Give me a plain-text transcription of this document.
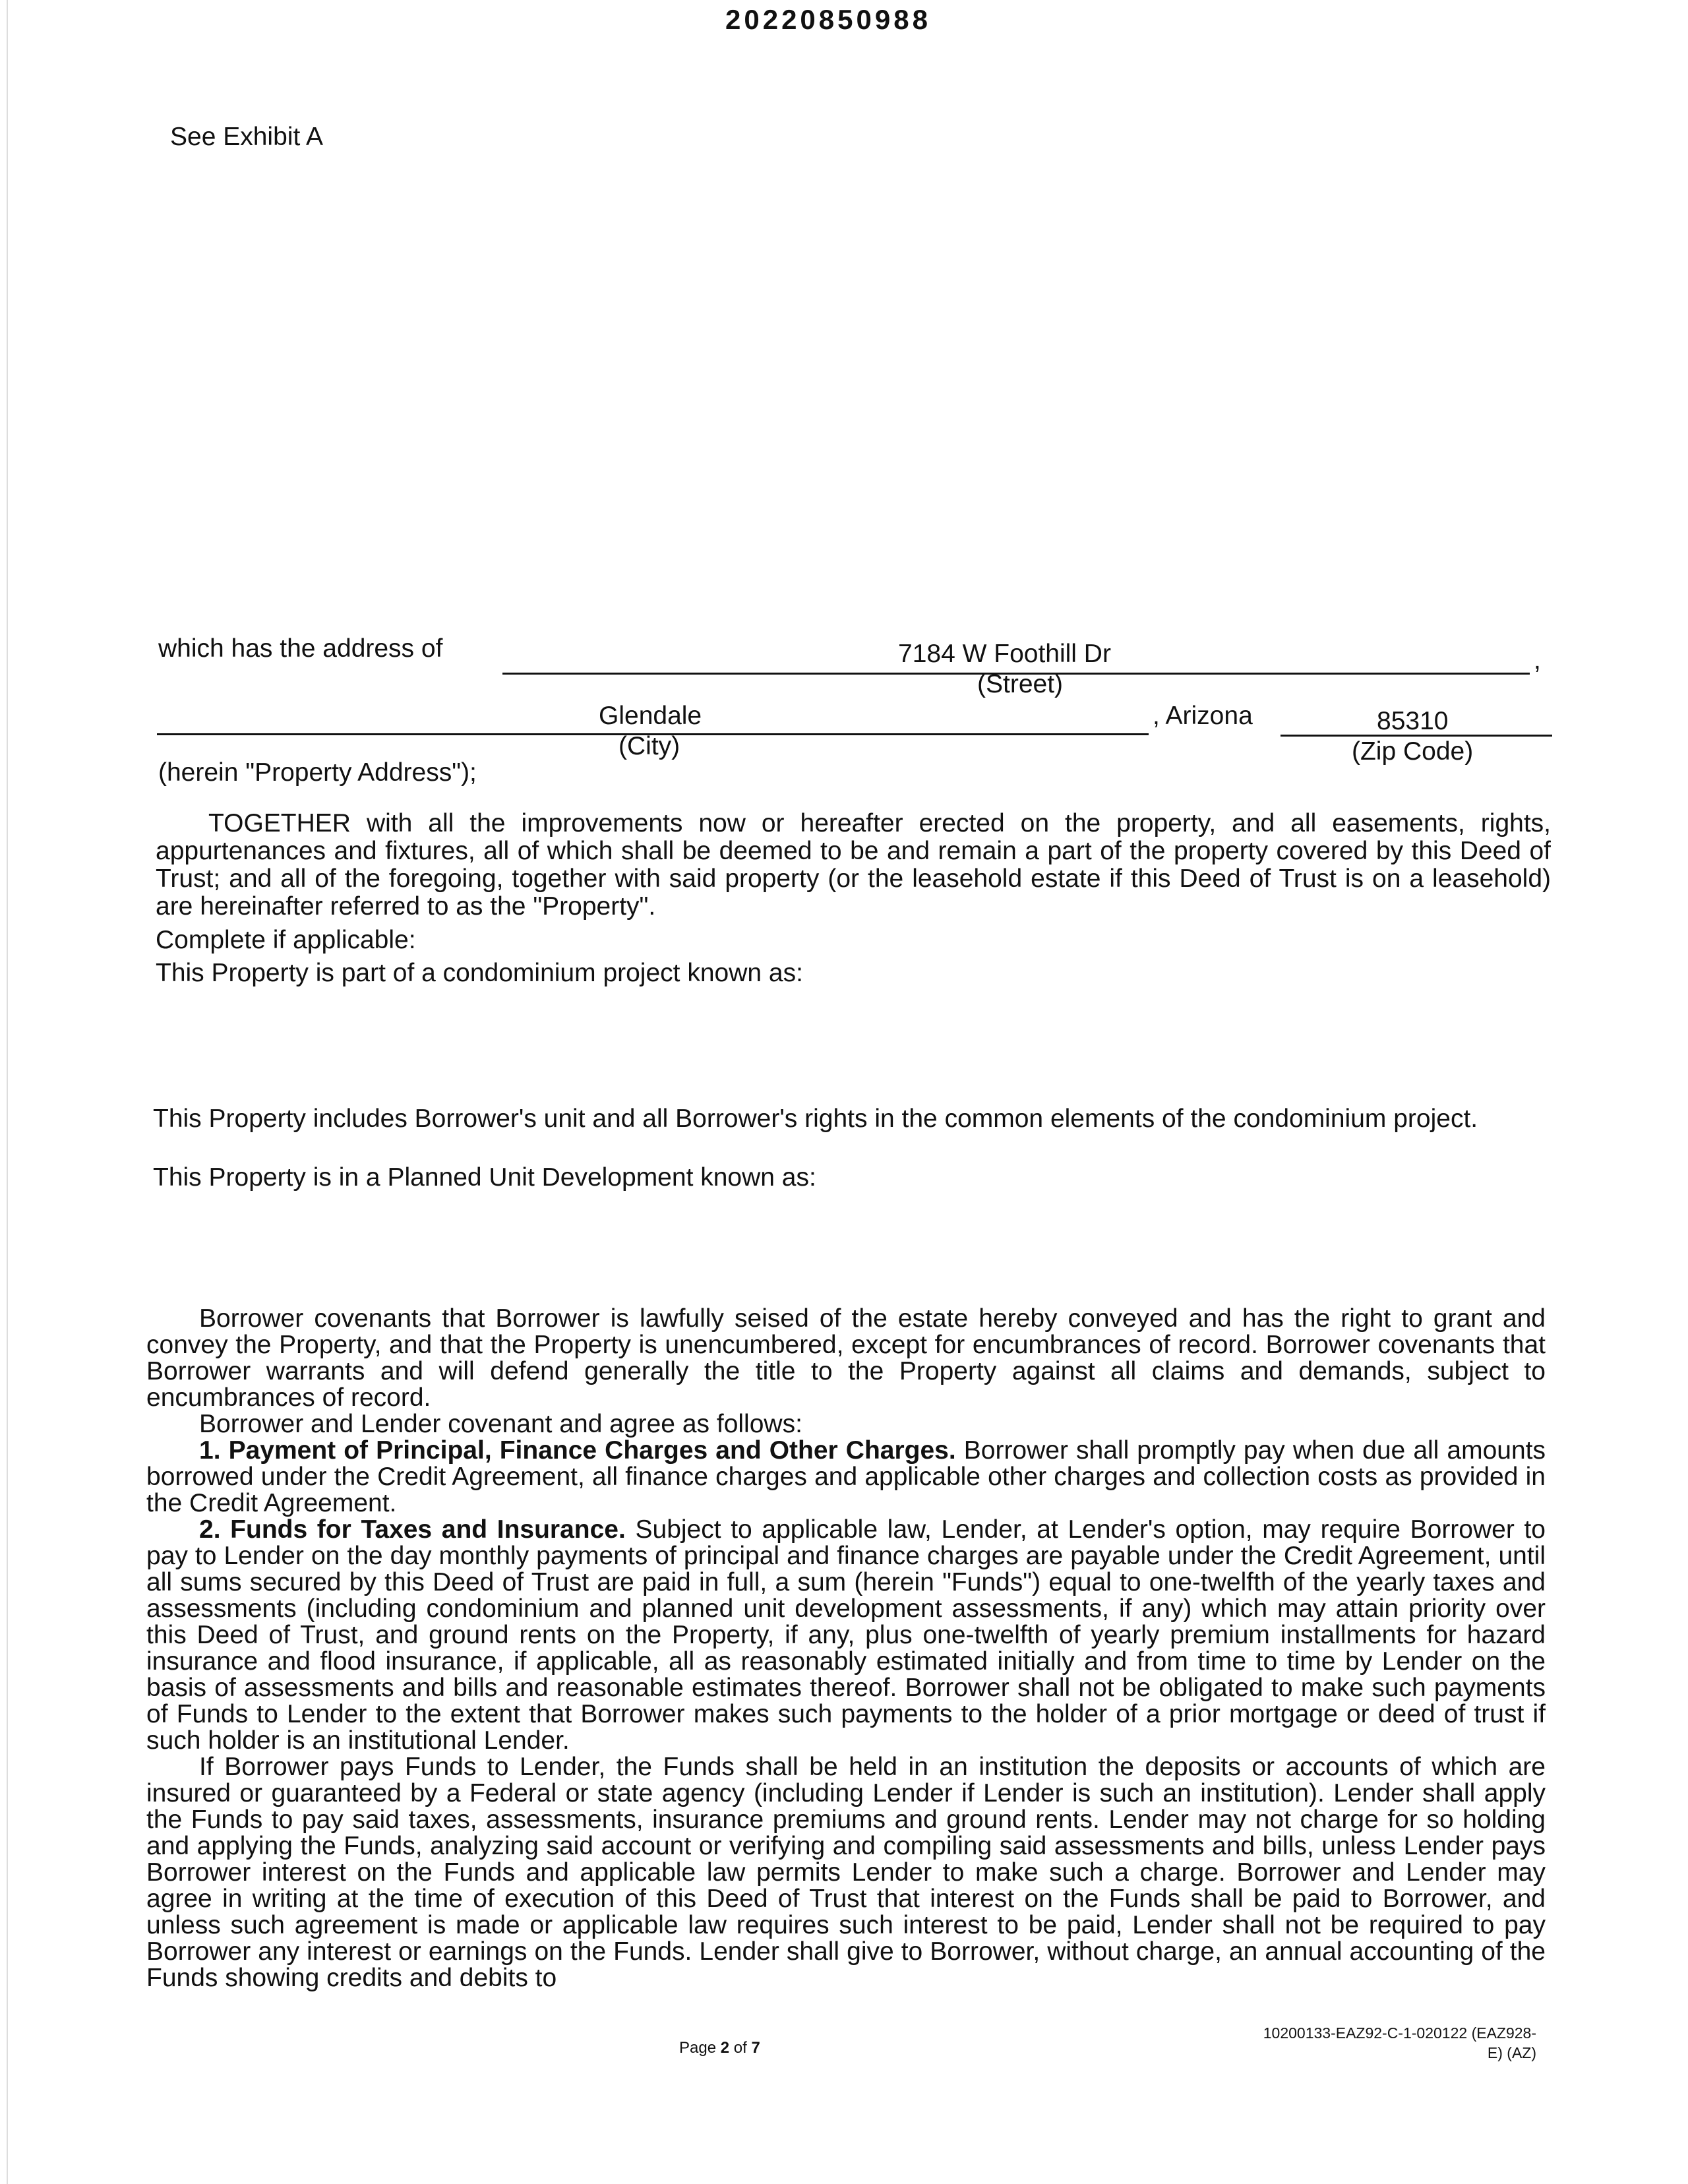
20220850988
See Exhibit A
which has the address of	7184 W Foothill Dr	,
(Street)
Glendale	, Arizona	85310
(City)	(Zip Code)
(herein "Property Address");

TOGETHER with all the improvements now or hereafter erected on the property, and all easements, rights, appurtenances and fixtures, all of which shall be deemed to be and remain a part of the property covered by this Deed of Trust; and all of the foregoing, together with said property (or the leasehold estate if this Deed of Trust is on a leasehold) are hereinafter referred to as the "Property".

Complete if applicable:
This Property is part of a condominium project known as:

This Property includes Borrower's unit and all Borrower's rights in the common elements of the condominium project.

This Property is in a Planned Unit Development known as:

Borrower covenants that Borrower is lawfully seised of the estate hereby conveyed and has the right to grant and convey the Property, and that the Property is unencumbered, except for encumbrances of record. Borrower covenants that Borrower warrants and will defend generally the title to the Property against all claims and demands, subject to encumbrances of record.

Borrower and Lender covenant and agree as follows:

1. Payment of Principal, Finance Charges and Other Charges. Borrower shall promptly pay when due all amounts borrowed under the Credit Agreement, all finance charges and applicable other charges and collection costs as provided in the Credit Agreement.

2. Funds for Taxes and Insurance. Subject to applicable law, Lender, at Lender's option, may require Borrower to pay to Lender on the day monthly payments of principal and finance charges are payable under the Credit Agreement, until all sums secured by this Deed of Trust are paid in full, a sum (herein "Funds") equal to one-twelfth of the yearly taxes and assessments (including condominium and planned unit development assessments, if any) which may attain priority over this Deed of Trust, and ground rents on the Property, if any, plus one-twelfth of yearly premium installments for hazard insurance and flood insurance, if applicable, all as reasonably estimated initially and from time to time by Lender on the basis of assessments and bills and reasonable estimates thereof. Borrower shall not be obligated to make such payments of Funds to Lender to the extent that Borrower makes such payments to the holder of a prior mortgage or deed of trust if such holder is an institutional Lender.

If Borrower pays Funds to Lender, the Funds shall be held in an institution the deposits or accounts of which are insured or guaranteed by a Federal or state agency (including Lender if Lender is such an institution). Lender shall apply the Funds to pay said taxes, assessments, insurance premiums and ground rents. Lender may not charge for so holding and applying the Funds, analyzing said account or verifying and compiling said assessments and bills, unless Lender pays Borrower interest on the Funds and applicable law permits Lender to make such a charge. Borrower and Lender may agree in writing at the time of execution of this Deed of Trust that interest on the Funds shall be paid to Borrower, and unless such agreement is made or applicable law requires such interest to be paid, Lender shall not be required to pay Borrower any interest or earnings on the Funds. Lender shall give to Borrower, without charge, an annual accounting of the Funds showing credits and debits to

Page 2 of 7
10200133-EAZ92-C-1-020122 (EAZ928-E) (AZ)
